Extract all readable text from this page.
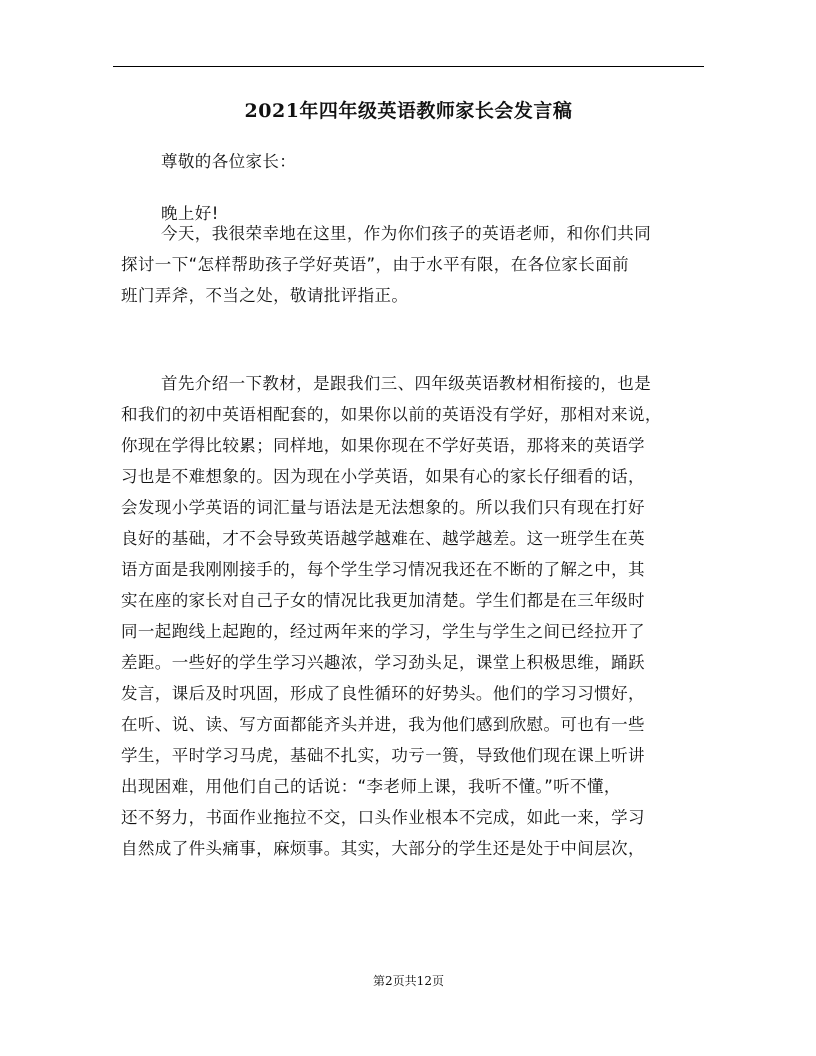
2021年四年级英语教师家长会发言稿
尊敬的各位家长：
晚上好!
今天，我很荣幸地在这里，作为你们孩子的英语老师，和你们共同
探讨一下“怎样帮助孩子学好英语”，由于水平有限，在各位家长面前
班门弄斧，不当之处，敬请批评指正。
首先介绍一下教材，是跟我们三、四年级英语教材相衔接的，也是
和我们的初中英语相配套的，如果你以前的英语没有学好，那相对来说，
你现在学得比较累；同样地，如果你现在不学好英语，那将来的英语学
习也是不难想象的。因为现在小学英语，如果有心的家长仔细看的话，
会发现小学英语的词汇量与语法是无法想象的。所以我们只有现在打好
良好的基础，才不会导致英语越学越难在、越学越差。这一班学生在英
语方面是我刚刚接手的，每个学生学习情况我还在不断的了解之中，其
实在座的家长对自己子女的情况比我更加清楚。学生们都是在三年级时
同一起跑线上起跑的，经过两年来的学习，学生与学生之间已经拉开了
差距。一些好的学生学习兴趣浓，学习劲头足，课堂上积极思维，踊跃
发言，课后及时巩固，形成了良性循环的好势头。他们的学习习惯好，
在听、说、读、写方面都能齐头并进，我为他们感到欣慰。可也有一些
学生，平时学习马虎，基础不扎实，功亏一篑，导致他们现在课上听讲
出现困难，用他们自己的话说：“李老师上课，我听不懂。”听不懂，
还不努力，书面作业拖拉不交，口头作业根本不完成，如此一来，学习
自然成了件头痛事，麻烦事。其实，大部分的学生还是处于中间层次，
第2页共12页
